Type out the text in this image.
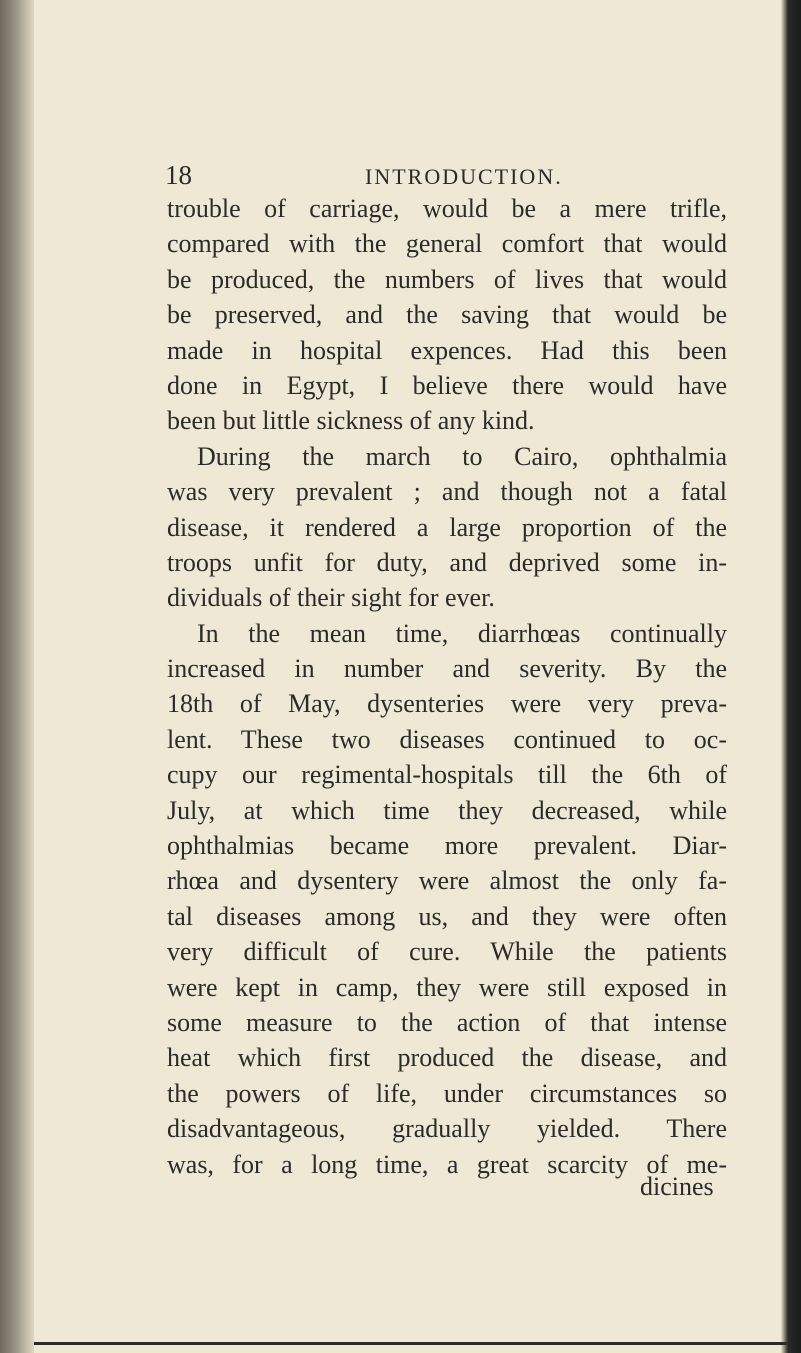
18	INTRODUCTION.
trouble of carriage, would be a mere trifle,
compared with the general comfort that would
be produced, the numbers of lives that would
be preserved, and the saving that would be
made in hospital expences. Had this been
done in Egypt, I believe there would have
been but little sickness of any kind.
During the march to Cairo, ophthalmia
was very prevalent ; and though not a fatal
disease, it rendered a large proportion of the
troops unfit for duty, and deprived some in-
dividuals of their sight for ever.
In the mean time, diarrhœas continually
increased in number and severity. By the
18th of May, dysenteries were very preva-
lent. These two diseases continued to oc-
cupy our regimental-hospitals till the 6th of
July, at which time they decreased, while
ophthalmias became more prevalent. Diar-
rhœa and dysentery were almost the only fa-
tal diseases among us, and they were often
very difficult of cure. While the patients
were kept in camp, they were still exposed in
some measure to the action of that intense
heat which first produced the disease, and
the powers of life, under circumstances so
disadvantageous, gradually yielded. There
was, for a long time, a great scarcity of me-
dicines
